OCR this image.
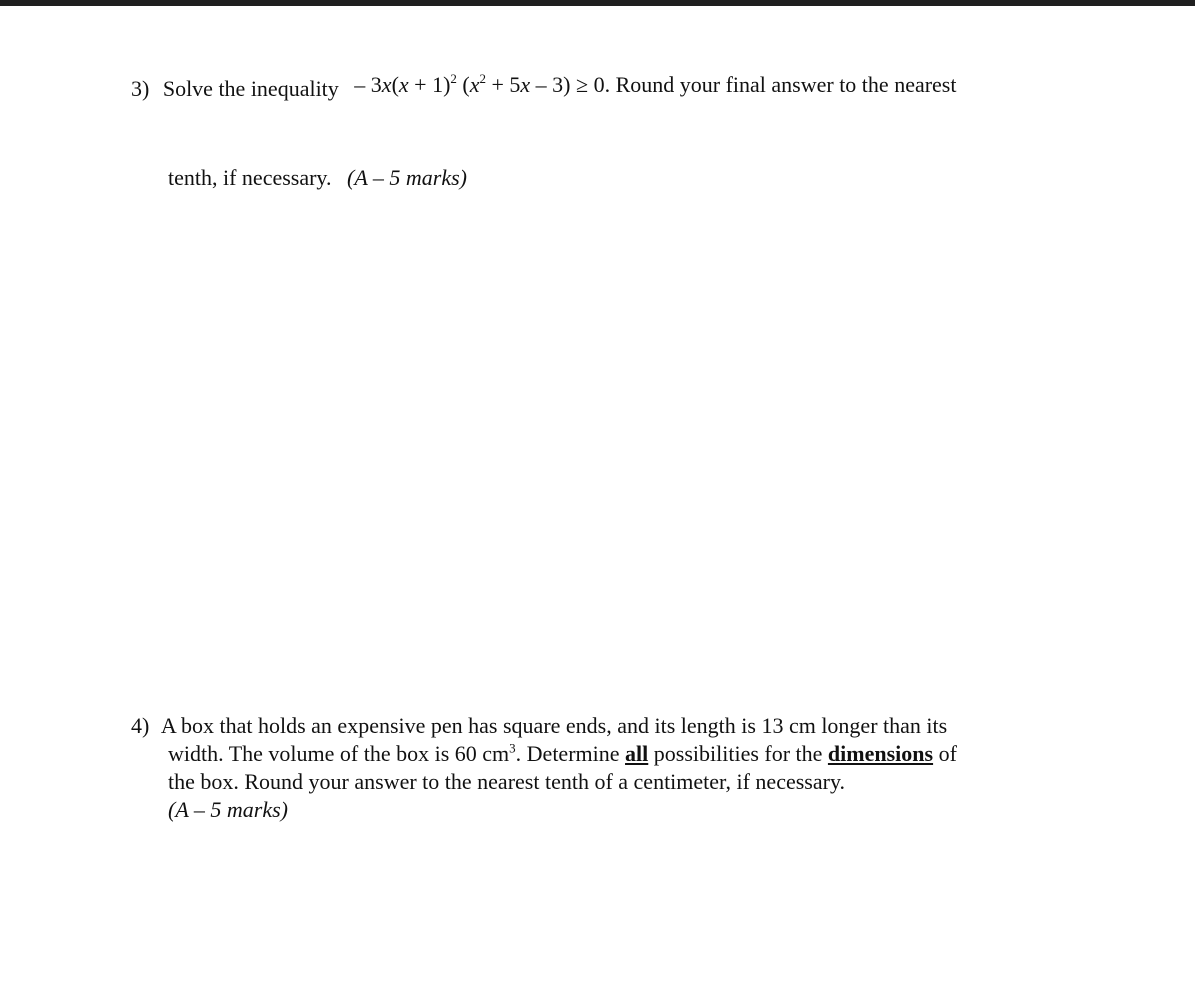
3) Solve the inequality – $3x(x + 1)^2$ $(x^2 + 5x - 3) \ge 0$. Round your final answer to the nearest
tenth, if necessary. (A – 5 marks)
4) A box that holds an expensive pen has square ends, and its length is 13 cm longer than its
width. The volume of the box is 60 $cm^3$. Determine all possibilities for the dimensions of
the box. Round your answer to the nearest tenth of a centimeter, if necessary.
(A – 5 marks)
